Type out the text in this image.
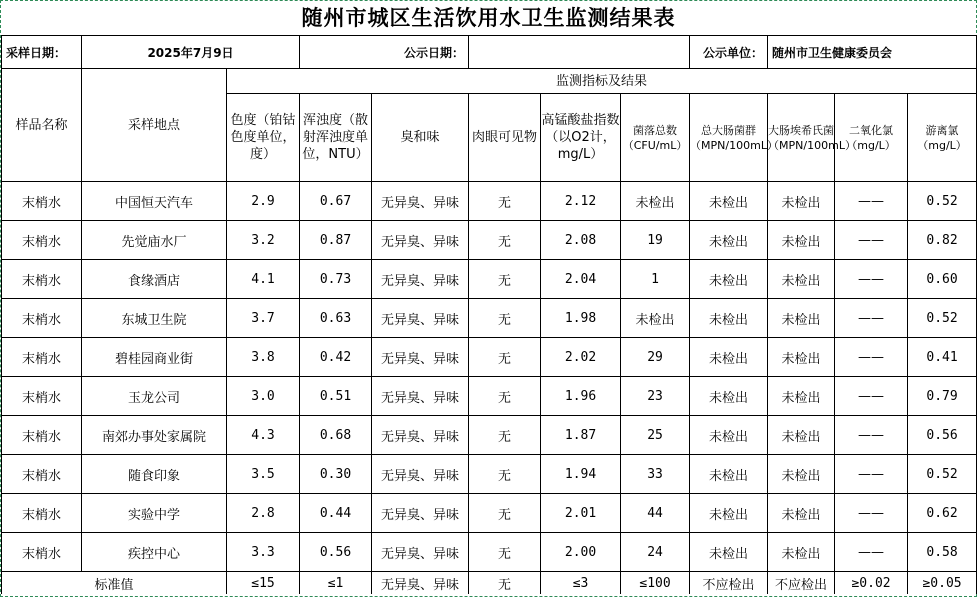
随州市城区生活饮用水卫生监测结果表
采样日期：	2025年7月9日		公示日期：					公示单位：	随州市卫生健康委员会		
样品名称	采样地点	监测指标及结果									
		色度（铂钴色度单位，度）	浑浊度（散射浑浊度单位，NTU）	臭和味	肉眼可见物	高锰酸盐指数（以O2计，mg/L）	菌落总数（CFU/mL）	总大肠菌群（MPN/100mL）	大肠埃希氏菌（MPN/100mL）	二氧化氯（mg/L）	游离氯（mg/L）
末梢水	中国恒天汽车	2.9	0.67	无异臭、异味	无	2.12	未检出	未检出	未检出	——	0.52
末梢水	先觉庙水厂	3.2	0.87	无异臭、异味	无	2.08	19	未检出	未检出	——	0.82
末梢水	食缘酒店	4.1	0.73	无异臭、异味	无	2.04	1	未检出	未检出	——	0.60
末梢水	东城卫生院	3.7	0.63	无异臭、异味	无	1.98	未检出	未检出	未检出	——	0.52
末梢水	碧桂园商业街	3.8	0.42	无异臭、异味	无	2.02	29	未检出	未检出	——	0.41
末梢水	玉龙公司	3.0	0.51	无异臭、异味	无	1.96	23	未检出	未检出	——	0.79
末梢水	南郊办事处家属院	4.3	0.68	无异臭、异味	无	1.87	25	未检出	未检出	——	0.56
末梢水	随食印象	3.5	0.30	无异臭、异味	无	1.94	33	未检出	未检出	——	0.52
末梢水	实验中学	2.8	0.44	无异臭、异味	无	2.01	44	未检出	未检出	——	0.62
末梢水	疾控中心	3.3	0.56	无异臭、异味	无	2.00	24	未检出	未检出	——	0.58
标准值		≤15	≤1	无异臭、异味	无	≤3	≤100	不应检出	不应检出	≥0.02	≥0.05
